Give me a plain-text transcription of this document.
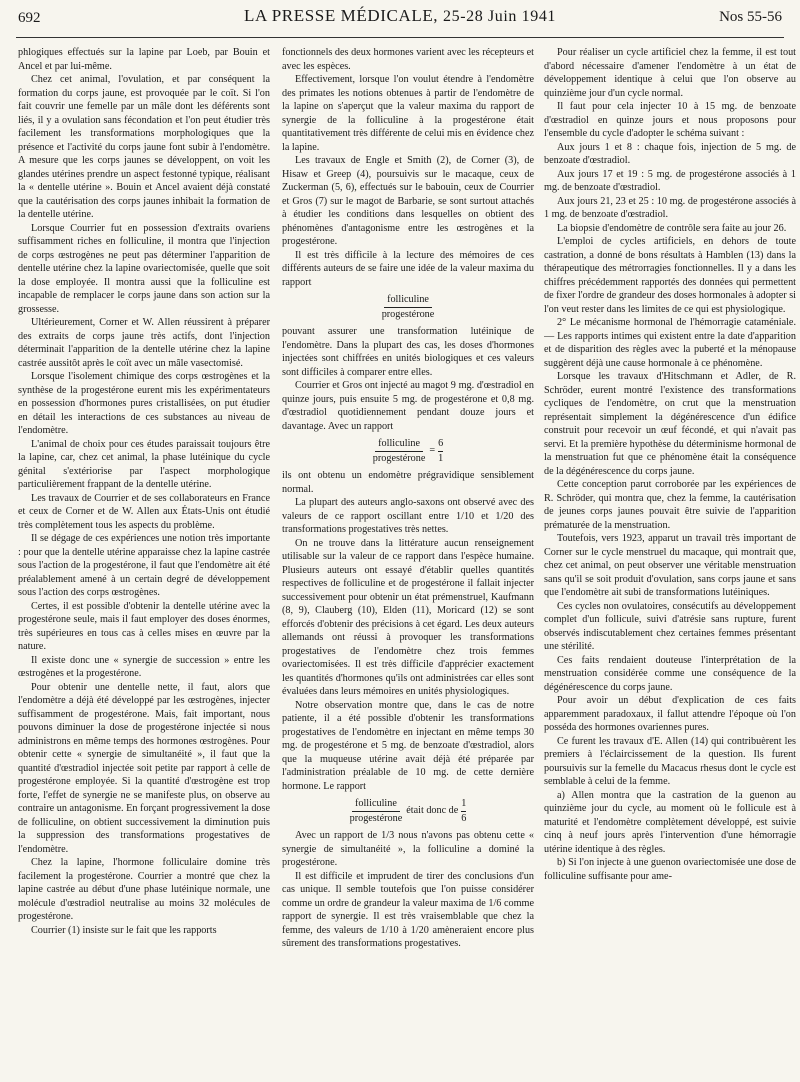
692	LA PRESSE MÉDICALE, 25-28 Juin 1941	Nos 55-56

phlogiques effectués sur la lapine par Loeb, par Bouin et Ancel et par lui-même.

Chez cet animal, l'ovulation, et par conséquent la formation du corps jaune, est provoquée par le coït. Si l'on fait couvrir une femelle par un mâle dont les déférents sont liés, il y a ovulation sans fécondation et l'on peut étudier très facilement les transformations morphologiques que la présence et l'activité du corps jaune font subir à l'endomètre. A mesure que les corps jaunes se développent, on voit les glandes utérines prendre un aspect festonné typique, réalisant la « dentelle utérine ». Bouin et Ancel avaient déjà constaté que la cautérisation des corps jaunes inhibait la formation de la dentelle utérine.

Lorsque Courrier fut en possession d'extraits ovariens suffisamment riches en folliculine, il montra que l'injection de corps œstrogènes ne peut pas déterminer l'apparition de dentelle utérine chez la lapine ovariectomisée, quelle que soit la dose employée. Il montra aussi que la folliculine est incapable de remplacer le corps jaune dans son action sur la grossesse.

Ultérieurement, Corner et W. Allen réussirent à préparer des extraits de corps jaune très actifs, dont l'injection déterminait l'apparition de la dentelle utérine chez la lapine castrée aussitôt après le coït avec un mâle vasectomisé.

Lorsque l'isolement chimique des corps œstrogènes et la synthèse de la progestérone eurent mis les expérimentateurs en possession d'hormones pures cristallisées, on put étudier en détail les interactions de ces substances au niveau de l'endomètre.

L'animal de choix pour ces études paraissait toujours être la lapine, car, chez cet animal, la phase lutéinique du cycle génital s'extériorise par l'aspect morphologique particulièrement frappant de la dentelle utérine.

Les travaux de Courrier et de ses collaborateurs en France et ceux de Corner et de W. Allen aux États-Unis ont étudié très complètement tous les aspects du problème.

Il se dégage de ces expériences une notion très importante : pour que la dentelle utérine apparaisse chez la lapine castrée sous l'action de la progestérone, il faut que l'endomètre ait été préalablement amené à un certain degré de développement sous l'action des corps œstrogènes.

Certes, il est possible d'obtenir la dentelle utérine avec la progestérone seule, mais il faut employer des doses énormes, très supérieures en tous cas à celles mises en œuvre par la nature.

Il existe donc une « synergie de succession » entre les œstrogènes et la progestérone.

Pour obtenir une dentelle nette, il faut, alors que l'endomètre a déjà été développé par les œstrogènes, injecter suffisamment de progestérone. Mais, fait important, nous pouvons diminuer la dose de progestérone injectée si nous administrons en même temps des hormones œstrogènes. Pour obtenir cette « synergie de simultanéité », il faut que la quantité d'œstradiol injectée soit petite par rapport à celle de progestérone employée. Si la quantité d'œstrogène est trop forte, l'effet de synergie ne se manifeste plus, on observe au contraire un antagonisme. En forçant progressivement la dose de folliculine, on obtient successivement la diminution puis la suppression des transformations progestatives de l'endomètre.

Chez la lapine, l'hormone folliculaire domine très facilement la progestérone. Courrier a montré que chez la lapine castrée au début d'une phase lutéinique normale, une molécule d'œstradiol neutralise au moins 32 molécules de progestérone.

Courrier (1) insiste sur le fait que les rapports

fonctionnels des deux hormones varient avec les récepteurs et avec les espèces.

Effectivement, lorsque l'on voulut étendre à l'endomètre des primates les notions obtenues à partir de l'endomètre de la lapine on s'aperçut que la valeur maxima du rapport de synergie de la folliculine à la progestérone était quantitativement très différente de celui mis en évidence chez la lapine.

Les travaux de Engle et Smith (2), de Corner (3), de Hisaw et Greep (4), poursuivis sur le macaque, ceux de Zuckerman (5, 6), effectués sur le babouin, ceux de Courrier et Gros (7) sur le magot de Barbarie, se sont surtout attachés à étudier les conditions dans lesquelles on obtient des phénomènes d'antagonisme entre les œstrogènes et la progestérone.

Il est très difficile à la lecture des mémoires de ces différents auteurs de se faire une idée de la valeur maxima du rapport

folliculine
progestérone

pouvant assurer une transformation lutéinique de l'endomètre. Dans la plupart des cas, les doses d'hormones injectées sont chiffrées en unités biologiques et ces valeurs sont difficiles à comparer entre elles.

Courrier et Gros ont injecté au magot 9 mg. d'œstradiol en quinze jours, puis ensuite 5 mg. de progestérone et 0,8 mg. d'œstradiol quotidiennement pendant douze jours et davantage. Avec un rapport

folliculine
progestérone
= $\frac{6}{1}$

ils ont obtenu un endomètre prégravidique sensiblement normal.

La plupart des auteurs anglo-saxons ont observé avec des valeurs de ce rapport oscillant entre 1/10 et 1/20 des transformations progestatives très nettes.

On ne trouve dans la littérature aucun renseignement utilisable sur la valeur de ce rapport dans l'espèce humaine. Plusieurs auteurs ont essayé d'établir quelles quantités respectives de folliculine et de progestérone il fallait injecter successivement pour obtenir un état prémenstruel, Kaufmann (8, 9), Clauberg (10), Elden (11), Moricard (12) se sont efforcés d'obtenir des précisions à cet égard. Les deux auteurs allemands ont réussi à provoquer les transformations progestatives de l'endomètre chez trois femmes ovariectomisées. Il est très difficile d'apprécier exactement les quantités d'hormones qu'ils ont administrées car elles sont évaluées dans leurs mémoires en unités physiologiques.

Notre observation montre que, dans le cas de notre patiente, il a été possible d'obtenir les transformations progestatives de l'endomètre en injectant en même temps 30 mg. de progestérone et 5 mg. de benzoate d'œstradiol, alors que la muqueuse utérine avait déjà été préparée par l'administration préalable de 10 mg. de cette dernière hormone. Le rapport

folliculine
progestérone
était donc de $\frac{1}{6}$

Avec un rapport de 1/3 nous n'avons pas obtenu cette « synergie de simultanéité », la folliculine a dominé la progestérone.

Il est difficile et imprudent de tirer des conclusions d'un cas unique. Il semble toutefois que l'on puisse considérer comme un ordre de grandeur la valeur maxima de 1/6 comme rapport de synergie. Il est très vraisemblable que chez la femme, des valeurs de 1/10 à 1/20 amèneraient encore plus sûrement des transformations progestatives.

Pour réaliser un cycle artificiel chez la femme, il est tout d'abord nécessaire d'amener l'endomètre à un état de développement identique à celui que l'on observe au quinzième jour d'un cycle normal.

Il faut pour cela injecter 10 à 15 mg. de benzoate d'œstradiol en quinze jours et nous proposons pour l'ensemble du cycle d'adopter le schéma suivant :

Aux jours 1 et 8 : chaque fois, injection de 5 mg. de benzoate d'œstradiol.

Aux jours 17 et 19 : 5 mg. de progestérone associés à 1 mg. de benzoate d'œstradiol.

Aux jours 21, 23 et 25 : 10 mg. de progestérone associés à 1 mg. de benzoate d'œstradiol.

La biopsie d'endomètre de contrôle sera faite au jour 26.

L'emploi de cycles artificiels, en dehors de toute castration, a donné de bons résultats à Hamblen (13) dans la thérapeutique des métrorragies fonctionnelles. Il y a dans les chiffres précédemment rapportés des données qui permettent de fixer l'ordre de grandeur des doses hormonales à adopter si l'on veut rester dans les limites de ce qui est physiologique.

2° Le mécanisme hormonal de l'hémorragie cataméniale. — Les rapports intimes qui existent entre la date d'apparition et de disparition des règles avec la puberté et la ménopause suggèrent déjà une cause hormonale à ce phénomène.

Lorsque les travaux d'Hitschmann et Adler, de R. Schröder, eurent montré l'existence des transformations cycliques de l'endomètre, on crut que la menstruation représentait simplement la dégénérescence d'un édifice construit pour recevoir un œuf fécondé, et qui n'avait pas servi. Et la première hypothèse du déterminisme hormonal de la menstruation fut que ce phénomène était la conséquence de la dégénérescence du corps jaune.

Cette conception parut corroborée par les expériences de R. Schröder, qui montra que, chez la femme, la cautérisation de jeunes corps jaunes pouvait être suivie de l'apparition prématurée de la menstruation.

Toutefois, vers 1923, apparut un travail très important de Corner sur le cycle menstruel du macaque, qui montrait que, chez cet animal, on peut observer une véritable menstruation sans qu'il se soit produit d'ovulation, sans corps jaune et sans que l'endomètre ait subi de transformations lutéiniques.

Ces cycles non ovulatoires, consécutifs au développement complet d'un follicule, suivi d'atrésie sans rupture, furent observés indiscutablement chez certaines femmes présentant une stérilité.

Ces faits rendaient douteuse l'interprétation de la menstruation considérée comme une conséquence de la dégénérescence du corps jaune.

Pour avoir un début d'explication de ces faits apparemment paradoxaux, il fallut attendre l'époque où l'on posséda des hormones ovariennes pures.

Ce furent les travaux d'E. Allen (14) qui contribuèrent les premiers à l'éclaircissement de la question. Ils furent poursuivis sur la femelle du Macacus rhesus dont le cycle est semblable à celui de la femme.

a) Allen montra que la castration de la guenon au quinzième jour du cycle, au moment où le follicule est à maturité et l'endomètre complètement développé, est suivie cinq à neuf jours après l'intervention d'une hémorragie utérine identique à des règles.

b) Si l'on injecte à une guenon ovariectomisée une dose de folliculine suffisante pour ame-
